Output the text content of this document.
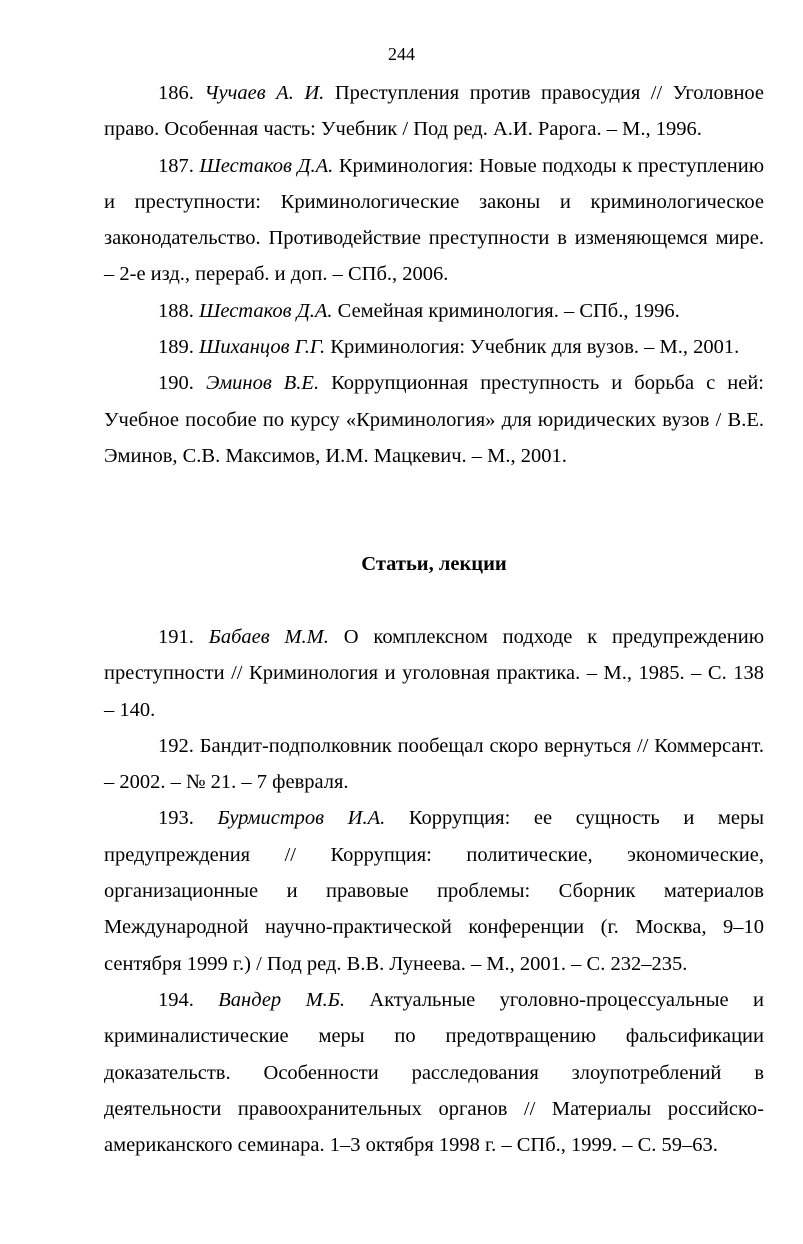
244

186. Чучаев А. И. Преступления против правосудия // Уголовное право. Особенная часть: Учебник / Под ред. А.И. Рарога. – М., 1996.

187. Шестаков Д.А. Криминология: Новые подходы к преступлению и преступности: Криминологические законы и криминологическое законодательство. Противодействие преступности в изменяющемся мире. – 2-е изд., перераб. и доп. – СПб., 2006.

188. Шестаков Д.А. Семейная криминология. – СПб., 1996.

189. Шиханцов Г.Г. Криминология: Учебник для вузов. – М., 2001.

190. Эминов В.Е. Коррупционная преступность и борьба с ней: Учебное пособие по курсу «Криминология» для юридических вузов / В.Е. Эминов, С.В. Максимов, И.М. Мацкевич. – М., 2001.

Статьи, лекции

191. Бабаев М.М. О комплексном подходе к предупреждению преступности // Криминология и уголовная практика. – М., 1985. – С. 138 – 140.

192. Бандит-подполковник пообещал скоро вернуться // Коммерсант. – 2002. – № 21. – 7 февраля.

193. Бурмистров И.А. Коррупция: ее сущность и меры предупреждения // Коррупция: политические, экономические, организационные и правовые проблемы: Сборник материалов Международной научно-практической конференции (г. Москва, 9–10 сентября 1999 г.) / Под ред. В.В. Лунеева. – М., 2001. – С. 232–235.

194. Вандер М.Б. Актуальные уголовно-процессуальные и криминалистические меры по предотвращению фальсификации доказательств. Особенности расследования злоупотреблений в деятельности правоохранительных органов // Материалы российско-американского семинара. 1–3 октября 1998 г. – СПб., 1999. – С. 59–63.
